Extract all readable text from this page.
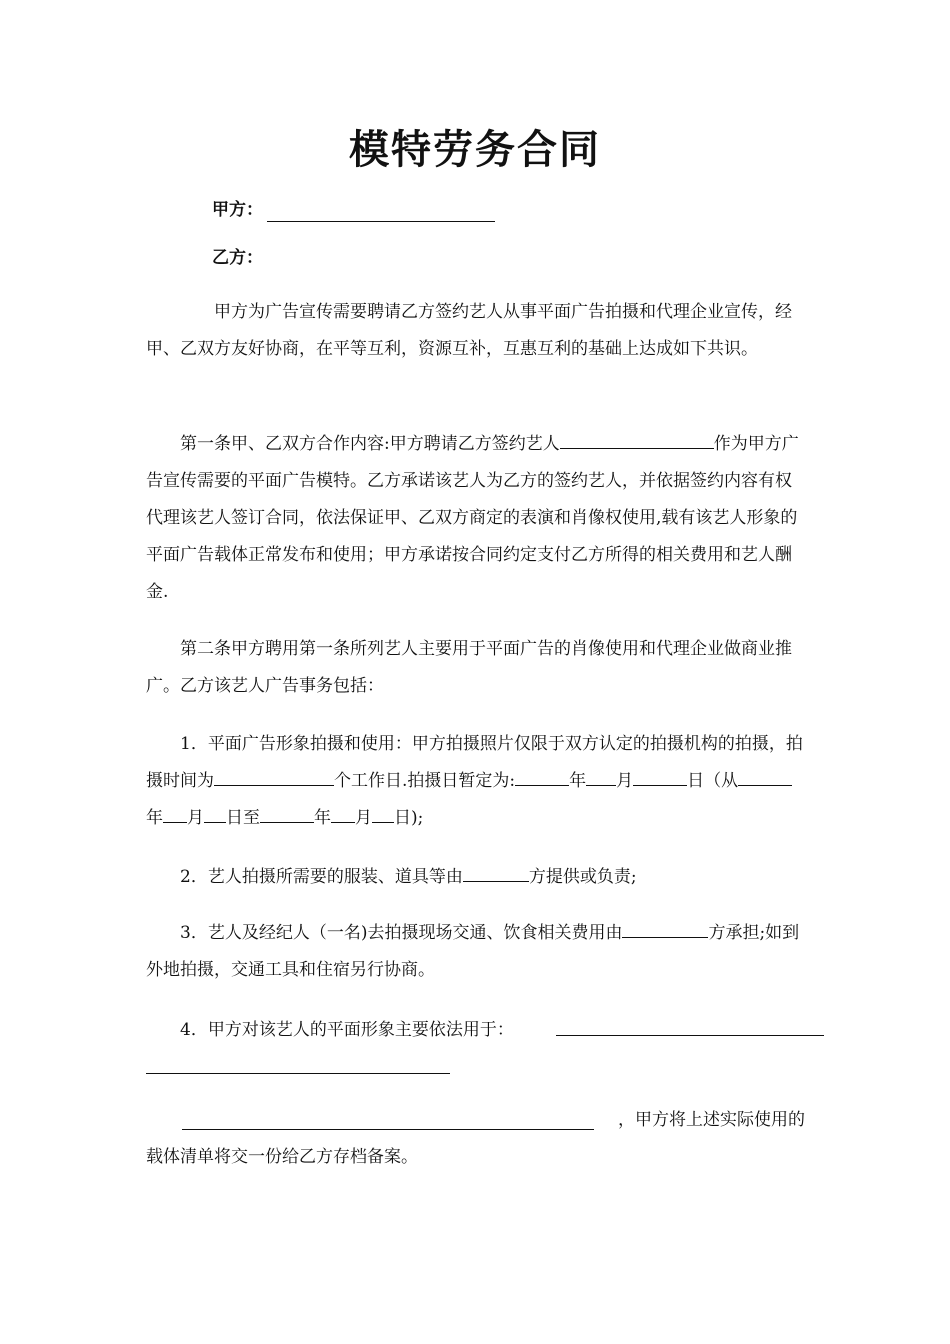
模特劳务合同
甲方：
乙方：

甲方为广告宣传需要聘请乙方签约艺人从事平面广告拍摄和代理企业宣传，经甲、乙双方友好协商，在平等互利，资源互补，互惠互利的基础上达成如下共识。

第一条甲、乙双方合作内容:甲方聘请乙方签约艺人	作为甲方广告宣传需要的平面广告模特。乙方承诺该艺人为乙方的签约艺人，并依据签约内容有权代理该艺人签订合同，依法保证甲、乙双方商定的表演和肖像权使用,载有该艺人形象的平面广告载体正常发布和使用；甲方承诺按合同约定支付乙方所得的相关费用和艺人酬金.

第二条甲方聘用第一条所列艺人主要用于平面广告的肖像使用和代理企业做商业推广。乙方该艺人广告事务包括：

1．平面广告形象拍摄和使用：甲方拍摄照片仅限于双方认定的拍摄机构的拍摄，拍摄时间为	个工作日.拍摄日暂定为:	年 月	日（从年 月 日至	年 月 日);

2．艺人拍摄所需要的服装、道具等由	方提供或负责;

3．艺人及经纪人（一名)去拍摄现场交通、饮食相关费用由	方承担;如到外地拍摄，交通工具和住宿另行协商。

4．甲方对该艺人的平面形象主要依法用于：

，甲方将上述实际使用的载体清单将交一份给乙方存档备案。
